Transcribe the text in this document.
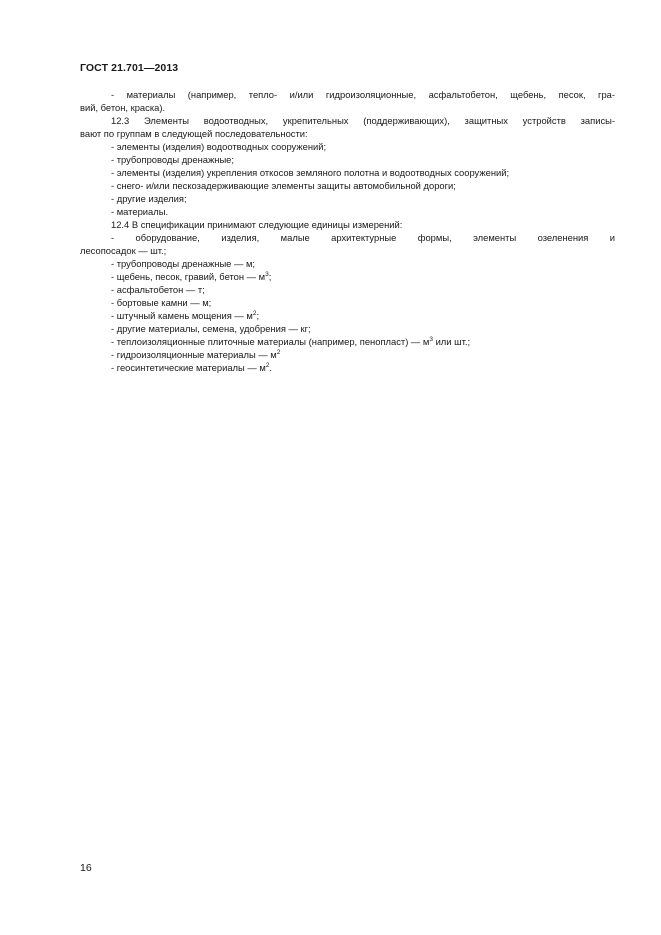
ГОСТ 21.701—2013
- материалы (например, тепло- и/или гидроизоляционные, асфальтобетон, щебень, песок, гра-
вий, бетон, краска).
12.3 Элементы водоотводных, укрепительных (поддерживающих), защитных устройств записы-
вают по группам в следующей последовательности:
- элементы (изделия) водоотводных сооружений;
- трубопроводы дренажные;
- элементы (изделия) укрепления откосов земляного полотна и водоотводных сооружений;
- снего- и/или пескозадерживающие элементы защиты автомобильной дороги;
- другие изделия;
- материалы.
12.4 В спецификации принимают следующие единицы измерений:
- оборудование, изделия, малые архитектурные формы, элементы озеленения и
лесопосадок — шт.;
- трубопроводы дренажные — м;
- щебень, песок, гравий, бетон — $м^3$;
- асфальтобетон — т;
- бортовые камни — м;
- штучный камень мощения — $м^2$;
- другие материалы, семена, удобрения — кг;
- теплоизоляционные плиточные материалы (например, пенопласт) — $м^3$ или шт.;
- гидроизоляционные материалы — $м^2$
- геосинтетические материалы — $м^2$.
16
